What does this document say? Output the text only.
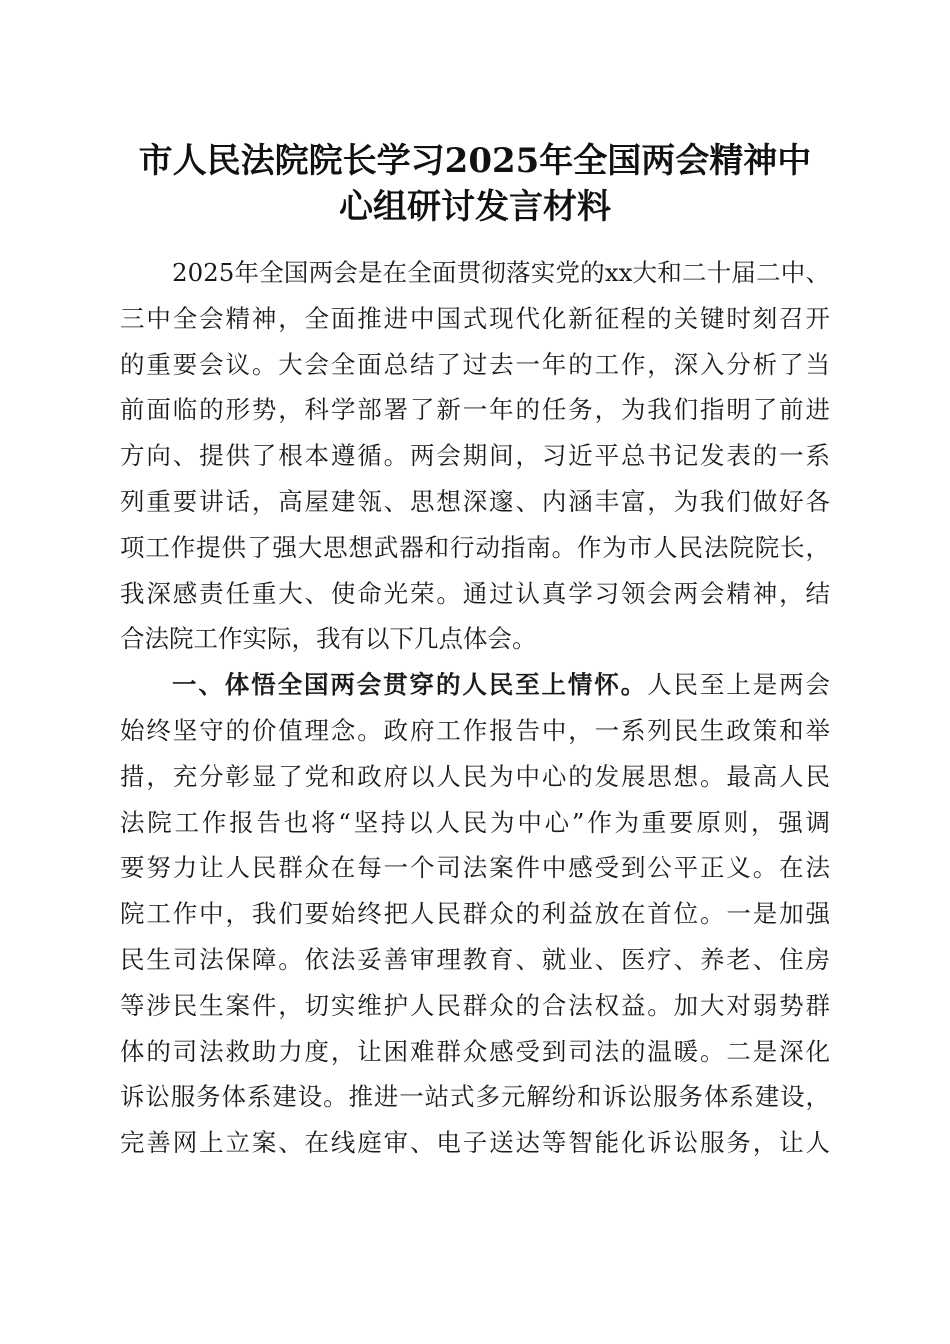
市人民法院院长学习2025年全国两会精神中
心组研讨发言材料
2025年全国两会是在全面贯彻落实党的xx大和二十届二中、
三中全会精神，全面推进中国式现代化新征程的关键时刻召开
的重要会议。大会全面总结了过去一年的工作，深入分析了当
前面临的形势，科学部署了新一年的任务，为我们指明了前进
方向、提供了根本遵循。两会期间，习近平总书记发表的一系
列重要讲话，高屋建瓴、思想深邃、内涵丰富，为我们做好各
项工作提供了强大思想武器和行动指南。作为市人民法院院长，
我深感责任重大、使命光荣。通过认真学习领会两会精神，结
合法院工作实际，我有以下几点体会。
一、体悟全国两会贯穿的人民至上情怀。人民至上是两会
始终坚守的价值理念。政府工作报告中，一系列民生政策和举
措，充分彰显了党和政府以人民为中心的发展思想。最高人民
法院工作报告也将“坚持以人民为中心”作为重要原则，强调
要努力让人民群众在每一个司法案件中感受到公平正义。在法
院工作中，我们要始终把人民群众的利益放在首位。一是加强
民生司法保障。依法妥善审理教育、就业、医疗、养老、住房
等涉民生案件，切实维护人民群众的合法权益。加大对弱势群
体的司法救助力度，让困难群众感受到司法的温暖。二是深化
诉讼服务体系建设。推进一站式多元解纷和诉讼服务体系建设，
完善网上立案、在线庭审、电子送达等智能化诉讼服务，让人
